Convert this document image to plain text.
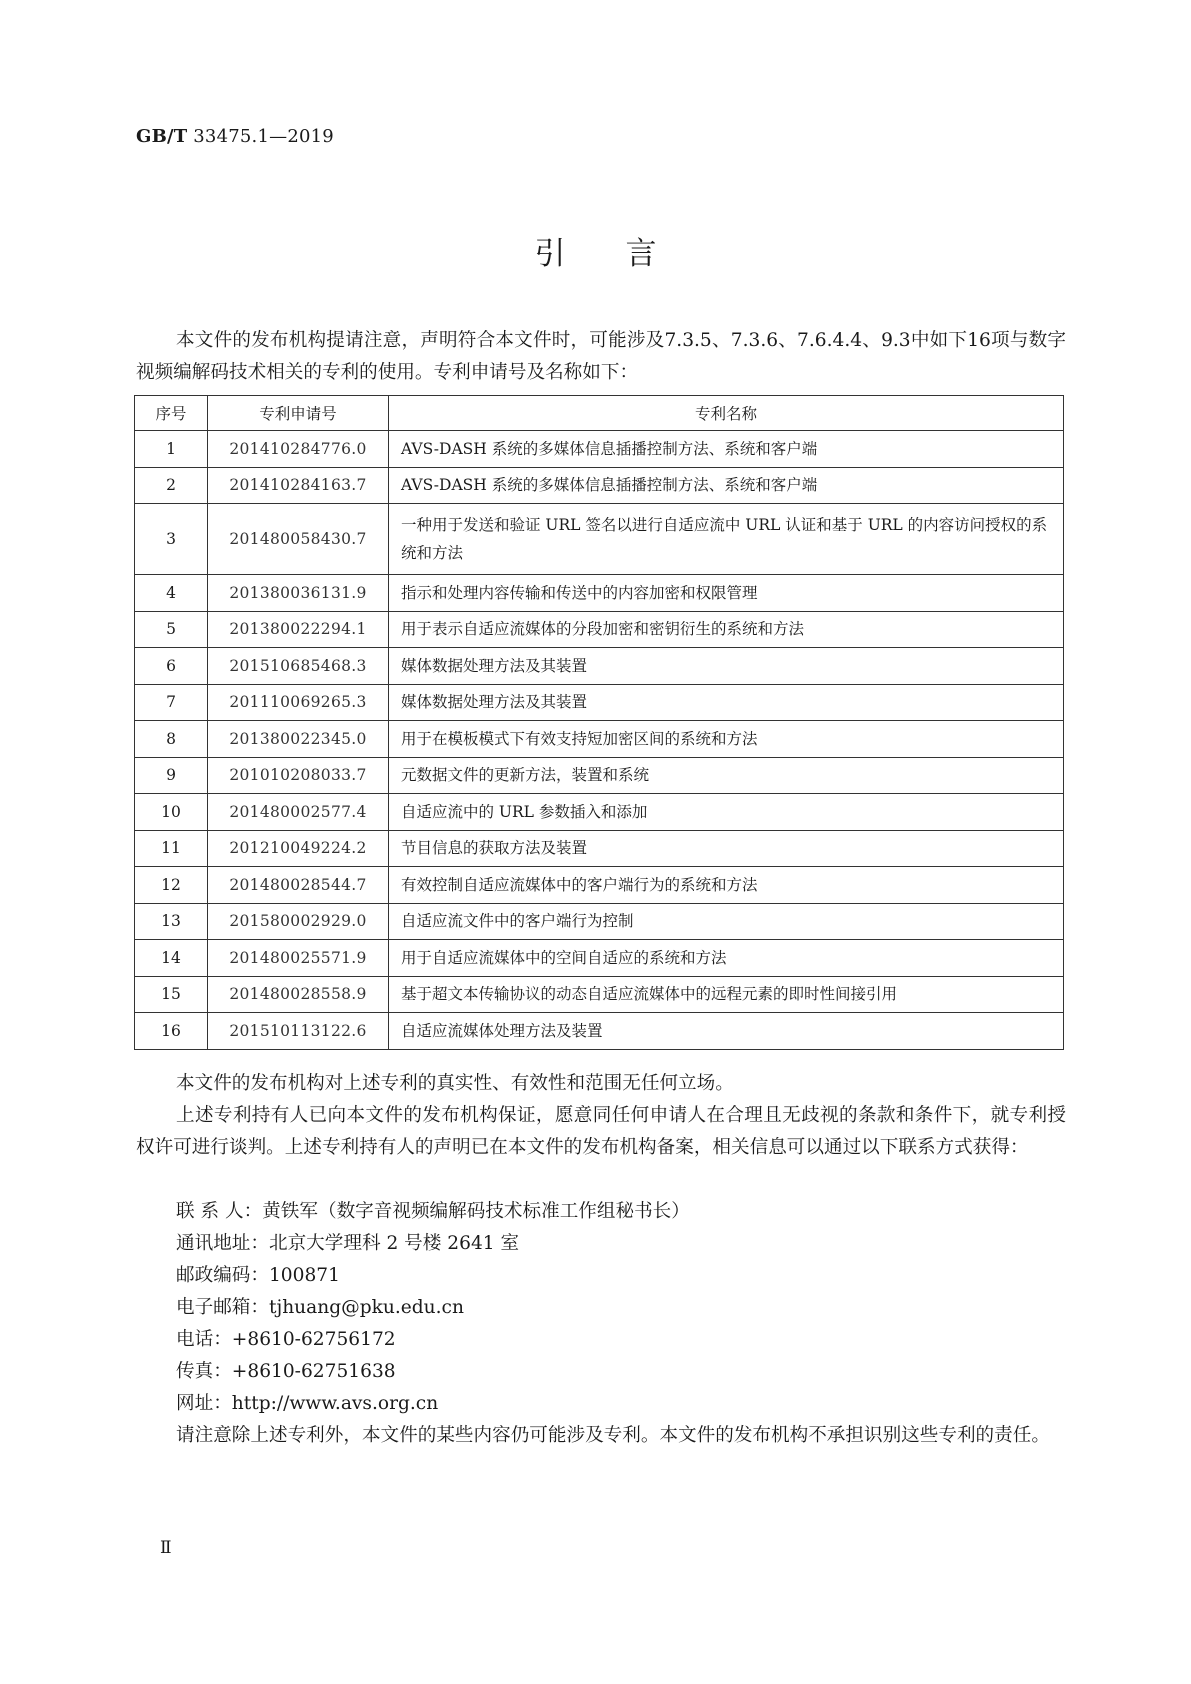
GB/T 33475.1—2019
引言

本文件的发布机构提请注意，声明符合本文件时，可能涉及7.3.5、7.3.6、7.6.4.4、9.3中如下16项与数字视频编解码技术相关的专利的使用。专利申请号及名称如下：

序号	专利申请号	专利名称
1	201410284776.0	AVS-DASH 系统的多媒体信息插播控制方法、系统和客户端
2	201410284163.7	AVS-DASH 系统的多媒体信息插播控制方法、系统和客户端
3	201480058430.7	一种用于发送和验证 URL 签名以进行自适应流中 URL 认证和基于 URL 的内容访问授权的系统和方法
4	201380036131.9	指示和处理内容传输和传送中的内容加密和权限管理
5	201380022294.1	用于表示自适应流媒体的分段加密和密钥衍生的系统和方法
6	201510685468.3	媒体数据处理方法及其装置
7	201110069265.3	媒体数据处理方法及其装置
8	201380022345.0	用于在模板模式下有效支持短加密区间的系统和方法
9	201010208033.7	元数据文件的更新方法，装置和系统
10	201480002577.4	自适应流中的 URL 参数插入和添加
11	201210049224.2	节目信息的获取方法及装置
12	201480028544.7	有效控制自适应流媒体中的客户端行为的系统和方法
13	201580002929.0	自适应流文件中的客户端行为控制
14	201480025571.9	用于自适应流媒体中的空间自适应的系统和方法
15	201480028558.9	基于超文本传输协议的动态自适应流媒体中的远程元素的即时性间接引用
16	201510113122.6	自适应流媒体处理方法及装置

本文件的发布机构对上述专利的真实性、有效性和范围无任何立场。

上述专利持有人已向本文件的发布机构保证，愿意同任何申请人在合理且无歧视的条款和条件下，就专利授权许可进行谈判。上述专利持有人的声明已在本文件的发布机构备案，相关信息可以通过以下联系方式获得：

联 系 人：黄铁军（数字音视频编解码技术标准工作组秘书长）

通讯地址：北京大学理科 2 号楼 2641 室

邮政编码：100871

电子邮箱：tjhuang@pku.edu.cn

电话：+8610-62756172

传真：+8610-62751638

网址：http://www.avs.org.cn

请注意除上述专利外，本文件的某些内容仍可能涉及专利。本文件的发布机构不承担识别这些专利的责任。

Ⅱ
